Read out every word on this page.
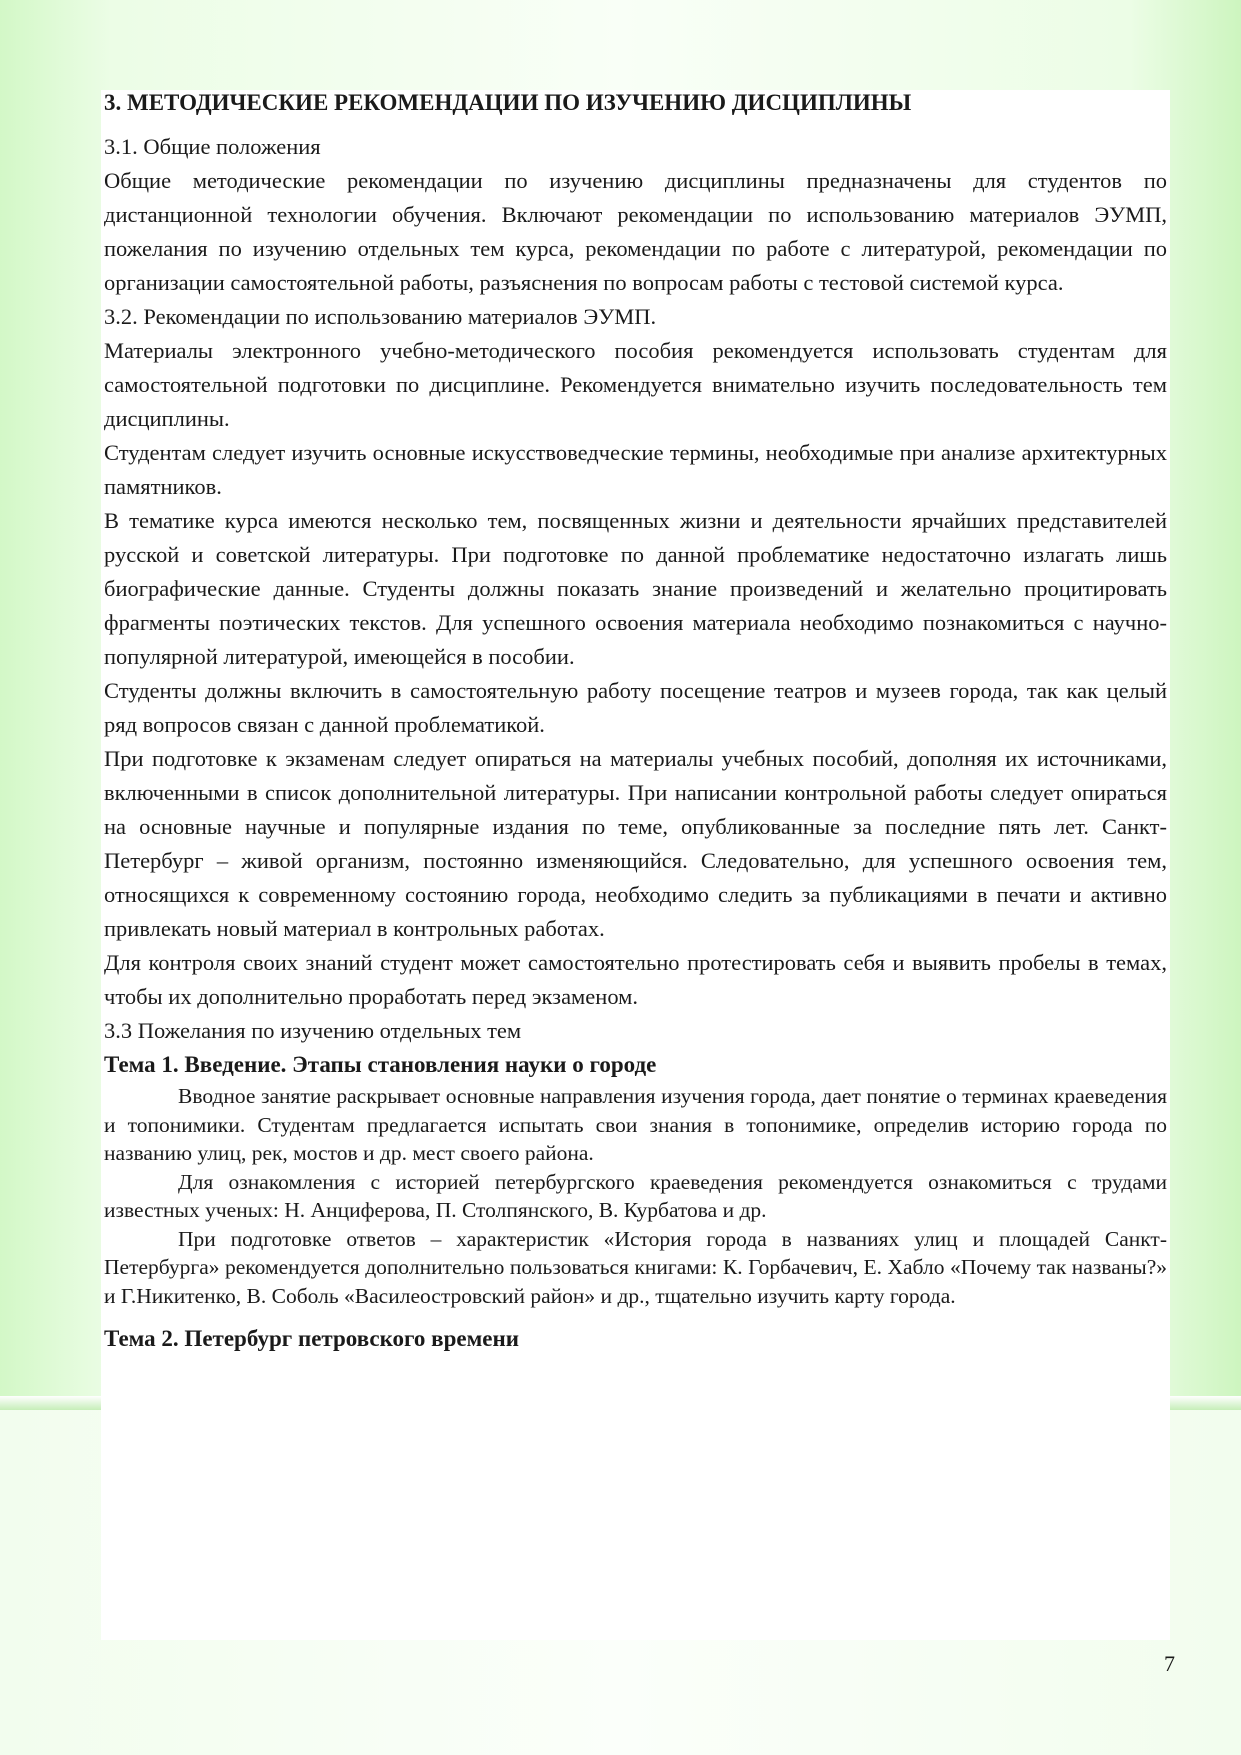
3. МЕТОДИЧЕСКИЕ РЕКОМЕНДАЦИИ ПО ИЗУЧЕНИЮ ДИСЦИПЛИНЫ

3.1. Общие положения

Общие методические рекомендации по изучению дисциплины предназначены для студентов по дистанционной технологии обучения. Включают рекомендации по использованию материалов ЭУМП, пожелания по изучению отдельных тем курса, рекомендации по работе с литературой, рекомендации по организации самостоятельной работы, разъяснения по вопросам работы с тестовой системой курса.

3.2. Рекомендации по использованию материалов ЭУМП.

Материалы электронного учебно-методического пособия рекомендуется использовать студентам для самостоятельной подготовки по дисциплине. Рекомендуется внимательно изучить последовательность тем дисциплины.

Студентам следует изучить основные искусствоведческие термины, необходимые при анализе архитектурных памятников.

В тематике курса имеются несколько тем, посвященных жизни и деятельности ярчайших представителей русской и советской литературы. При подготовке по данной проблематике недостаточно излагать лишь биографические данные. Студенты должны показать знание произведений и желательно процитировать фрагменты поэтических текстов. Для успешного освоения материала необходимо познакомиться с научно-популярной литературой, имеющейся в пособии.

Студенты должны включить в самостоятельную работу посещение театров и музеев города, так как целый ряд вопросов связан с данной проблематикой.

При подготовке к экзаменам следует опираться на материалы учебных пособий, дополняя их источниками, включенными в список дополнительной литературы. При написании контрольной работы следует опираться на основные научные и популярные издания по теме, опубликованные за последние пять лет. Санкт-Петербург – живой организм, постоянно изменяющийся. Следовательно, для успешного освоения тем, относящихся к современному состоянию города, необходимо следить за публикациями в печати и активно привлекать новый материал в контрольных работах.

Для контроля своих знаний студент может самостоятельно протестировать себя и выявить пробелы в темах, чтобы их дополнительно проработать перед экзаменом.

3.3 Пожелания по изучению отдельных тем

Тема 1. Введение. Этапы становления науки о городе

Вводное занятие раскрывает основные направления изучения города, дает понятие о терминах краеведения и топонимики. Студентам предлагается испытать свои знания в топонимике, определив историю города по названию улиц, рек, мостов и др. мест своего района.

Для ознакомления с историей петербургского краеведения рекомендуется ознакомиться с трудами известных ученых: Н. Анциферова, П. Столпянского, В. Курбатова и др.

При подготовке ответов – характеристик «История города в названиях улиц и площадей Санкт-Петербурга» рекомендуется дополнительно пользоваться книгами: К. Горбачевич, Е. Хабло «Почему так названы?» и Г.Никитенко, В. Соболь «Василеостровский район» и др., тщательно изучить карту города.

Тема 2. Петербург петровского времени

7
